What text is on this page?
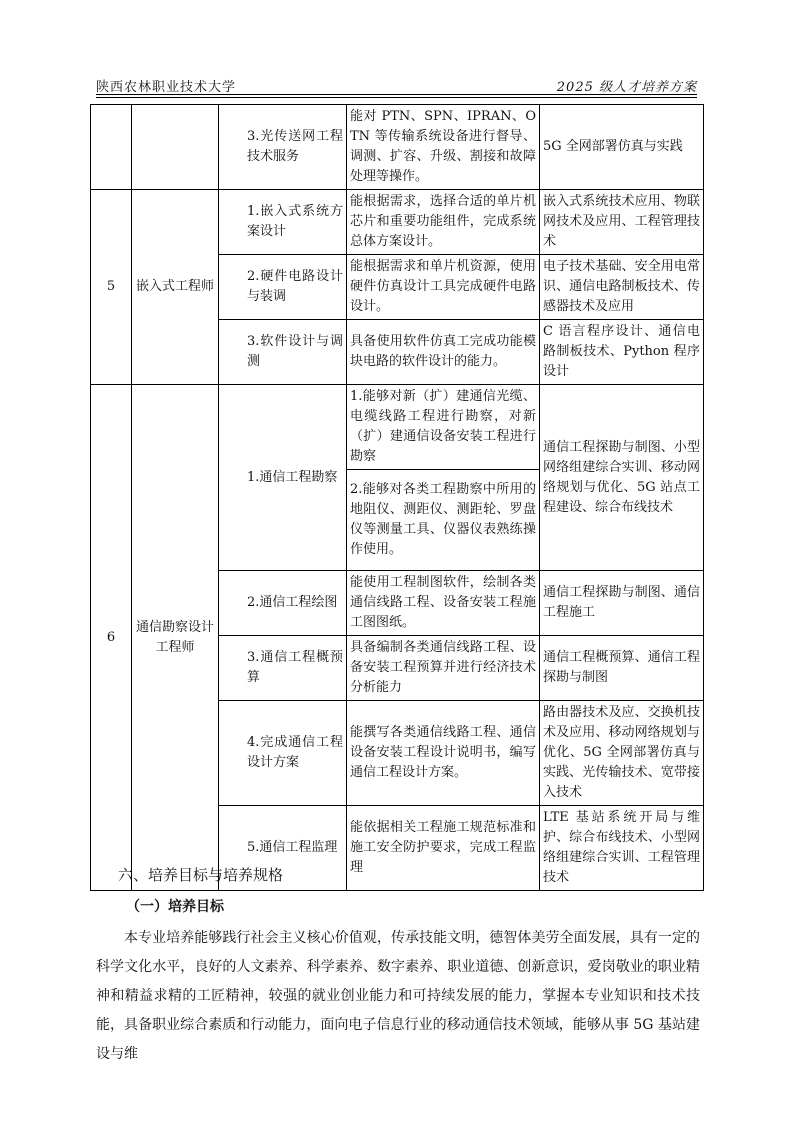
陕西农林职业技术大学	2025 级人才培养方案
		3.光传送网工程技术服务	能对 PTN、SPN、IPRAN、OTN 等传输系统设备进行督导、调测、扩容、升级、割接和故障处理等操作。	5G 全网部署仿真与实践
5	嵌入式工程师	1.嵌入式系统方案设计	能根据需求，选择合适的单片机芯片和重要功能组件，完成系统总体方案设计。	嵌入式系统技术应用、物联网技术及应用、工程管理技术
		2.硬件电路设计与装调	能根据需求和单片机资源，使用硬件仿真设计工具完成硬件电路设计。	电子技术基础、安全用电常识、通信电路制板技术、传感器技术及应用
		3.软件设计与调测	具备使用软件仿真工完成功能模块电路的软件设计的能力。	C 语言程序设计、通信电路制板技术、Python 程序设计
6	通信勘察设计工程师	1.通信工程勘察	1.能够对新（扩）建通信光缆、电缆线路工程进行勘察，对新（扩）建通信设备安装工程进行勘察	通信工程探勘与制图、小型网络组建综合实训、移动网络规划与优化、5G 站点工程建设、综合布线技术
			2.能够对各类工程勘察中所用的地阻仪、测距仪、测距轮、罗盘仪等测量工具、仪器仪表熟练操作使用。	
		2.通信工程绘图	能使用工程制图软件，绘制各类通信线路工程、设备安装工程施工图图纸。	通信工程探勘与制图、通信工程施工
		3.通信工程概预算	具备编制各类通信线路工程、设备安装工程预算并进行经济技术分析能力	通信工程概预算、通信工程探勘与制图
		4.完成通信工程设计方案	能撰写各类通信线路工程、通信设备安装工程设计说明书，编写通信工程设计方案。	路由器技术及应、交换机技术及应用、移动网络规划与优化、5G 全网部署仿真与实践、光传输技术、宽带接入技术
		5.通信工程监理	能依据相关工程施工规范标准和施工安全防护要求，完成工程监理	LTE 基站系统开局与维护、综合布线技术、小型网络组建综合实训、工程管理技术
六、培养目标与培养规格
（一）培养目标

本专业培养能够践行社会主义核心价值观，传承技能文明，德智体美劳全面发展，具有一定的科学文化水平，良好的人文素养、科学素养、数字素养、职业道德、创新意识，爱岗敬业的职业精神和精益求精的工匠精神，较强的就业创业能力和可持续发展的能力，掌握本专业知识和技术技能，具备职业综合素质和行动能力，面向电子信息行业的移动通信技术领域，能够从事 5G 基站建设与维
